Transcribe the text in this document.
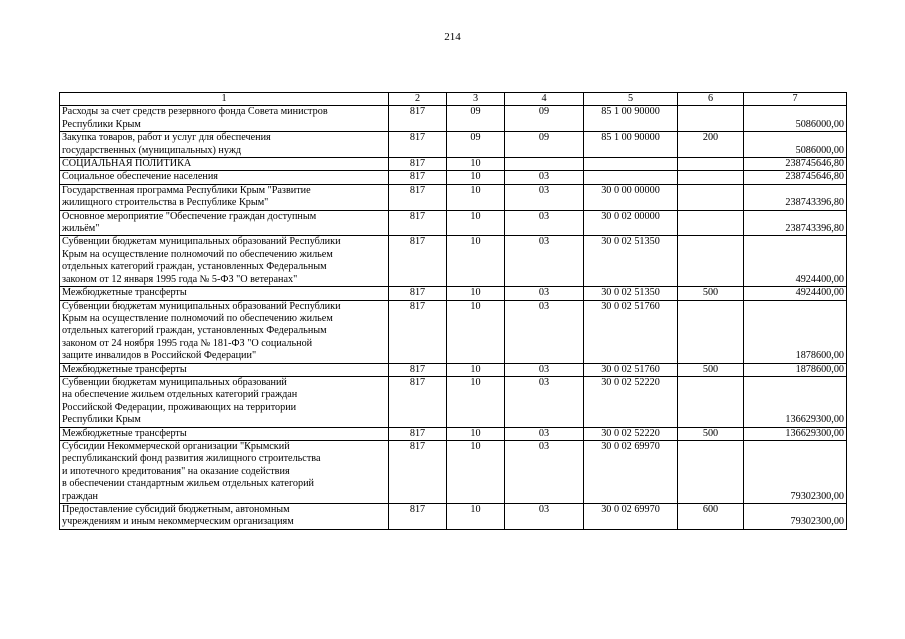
214
1	2	3	4	5	6	7

Расходы за счет средств резервного фонда Совета министров
Республики Крым	817	09	09	85 1 00 90000		5086000,00

Закупка товаров, работ и услуг для обеспечения
государственных (муниципальных) нужд	817	09	09	85 1 00 90000	200	5086000,00

СОЦИАЛЬНАЯ ПОЛИТИКА	817	10				238745646,80

Социальное обеспечение населения	817	10	03			238745646,80

Государственная программа Республики Крым "Развитие
жилищного строительства в Республике Крым"	817	10	03	30 0 00 00000		238743396,80

Основное мероприятие "Обеспечение граждан доступным
жильём"	817	10	03	30 0 02 00000		238743396,80

Субвенции бюджетам муниципальных образований Республики
Крым на осуществление полномочий по обеспечению жильем
отдельных категорий граждан, установленных Федеральным
законом от 12 января 1995 года № 5-ФЗ "О ветеранах"	817	10	03	30 0 02 51350		4924400,00

Межбюджетные трансферты	817	10	03	30 0 02 51350	500	4924400,00

Субвенции бюджетам муниципальных образований Республики
Крым на осуществление полномочий по обеспечению жильем
отдельных категорий граждан, установленных Федеральным
законом от 24 ноября 1995 года № 181-ФЗ "О социальной
защите инвалидов в Российской Федерации"	817	10	03	30 0 02 51760		1878600,00

Межбюджетные трансферты	817	10	03	30 0 02 51760	500	1878600,00

Субвенции бюджетам муниципальных образований
на обеспечение жильем отдельных категорий граждан
Российской Федерации, проживающих на территории
Республики Крым	817	10	03	30 0 02 52220		136629300,00

Межбюджетные трансферты	817	10	03	30 0 02 52220	500	136629300,00

Субсидии Некоммерческой организации "Крымский
республиканский фонд развития жилищного строительства
и ипотечного кредитования" на оказание содействия
в обеспечении стандартным жильем отдельных категорий
граждан	817	10	03	30 0 02 69970		79302300,00

Предоставление субсидий бюджетным, автономным
учреждениям и иным некоммерческим организациям	817	10	03	30 0 02 69970	600	79302300,00
